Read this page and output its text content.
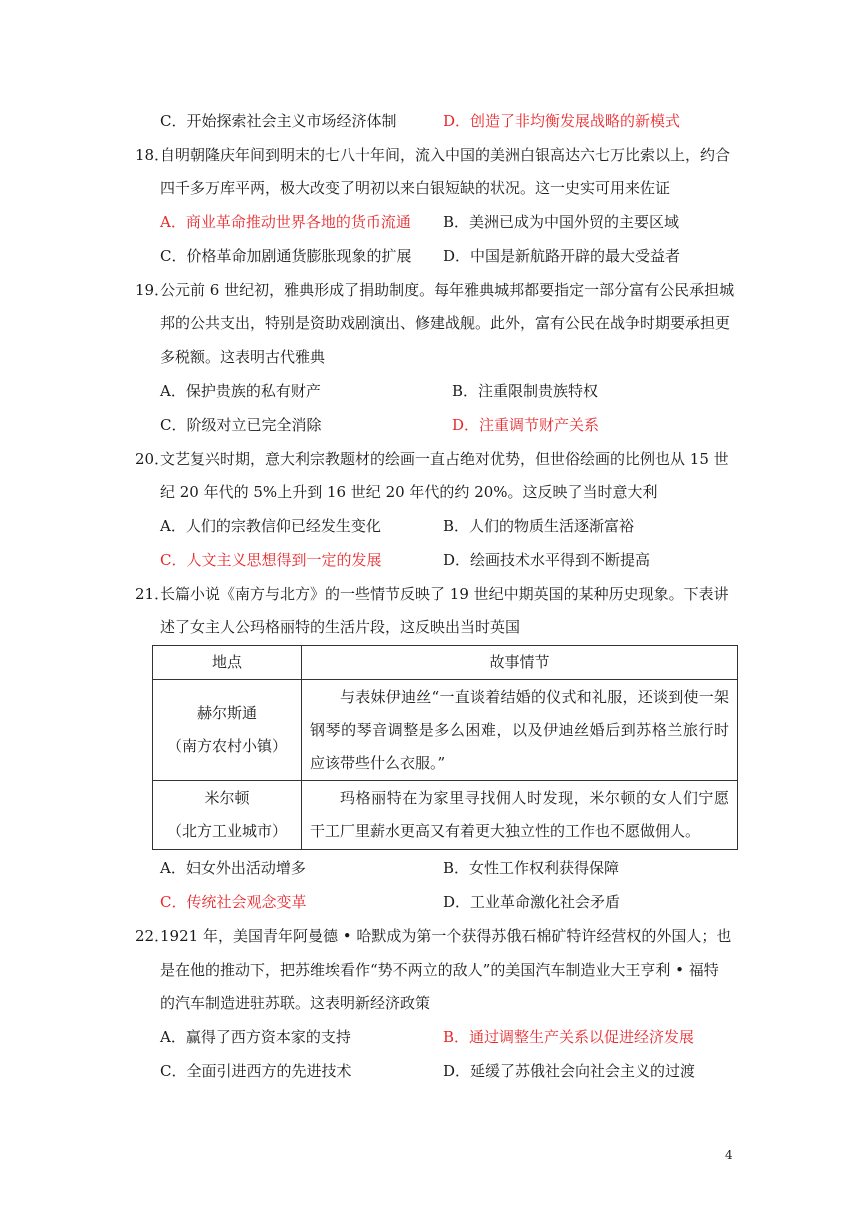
C．开始探索社会主义市场经济体制	D．创造了非均衡发展战略的新模式
18．
自明朝隆庆年间到明末的七八十年间，流入中国的美洲白银高达六七万比索以上，约合
四千多万库平两，极大改变了明初以来白银短缺的状况。这一史实可用来佐证
A．商业革命推动世界各地的货币流通 B．美洲已成为中国外贸的主要区域
C．价格革命加剧通货膨胀现象的扩展 D．中国是新航路开辟的最大受益者
19．
公元前 6 世纪初，雅典形成了捐助制度。每年雅典城邦都要指定一部分富有公民承担城
邦的公共支出，特别是资助戏剧演出、修建战舰。此外，富有公民在战争时期要承担更
多税额。这表明古代雅典
A．保护贵族的私有财产	B．注重限制贵族特权
C．阶级对立已完全消除	D．注重调节财产关系
20．
文艺复兴时期，意大利宗教题材的绘画一直占绝对优势，但世俗绘画的比例也从 15 世
纪 20 年代的 5%上升到 16 世纪 20 年代的约 20%。这反映了当时意大利
A．人们的宗教信仰已经发生变化	B．人们的物质生活逐渐富裕
C．人文主义思想得到一定的发展	D．绘画技术水平得到不断提高
21．
长篇小说《南方与北方》的一些情节反映了 19 世纪中期英国的某种历史现象。下表讲
述了女主人公玛格丽特的生活片段，这反映出当时英国
地点	故事情节

赫尔斯通
（南方农村小镇）	与表妹伊迪丝“一直谈着结婚的仪式和礼服，还谈到使一架钢琴的琴音调整是多么困难，以及伊迪丝婚后到苏格兰旅行时应该带些什么衣服。”

米尔顿
（北方工业城市）	玛格丽特在为家里寻找佣人时发现，米尔顿的女人们宁愿干工厂里薪水更高又有着更大独立性的工作也不愿做佣人。
A．妇女外出活动增多	B．女性工作权利获得保障
C．传统社会观念变革	D．工业革命激化社会矛盾
22．
1921 年，美国青年阿曼德 • 哈默成为第一个获得苏俄石棉矿特许经营权的外国人；也
是在他的推动下，把苏维埃看作“势不两立的敌人”的美国汽车制造业大王亨利 • 福特
的汽车制造进驻苏联。这表明新经济政策
A．赢得了西方资本家的支持	B．通过调整生产关系以促进经济发展
C．全面引进西方的先进技术	D．延缓了苏俄社会向社会主义的过渡
4
